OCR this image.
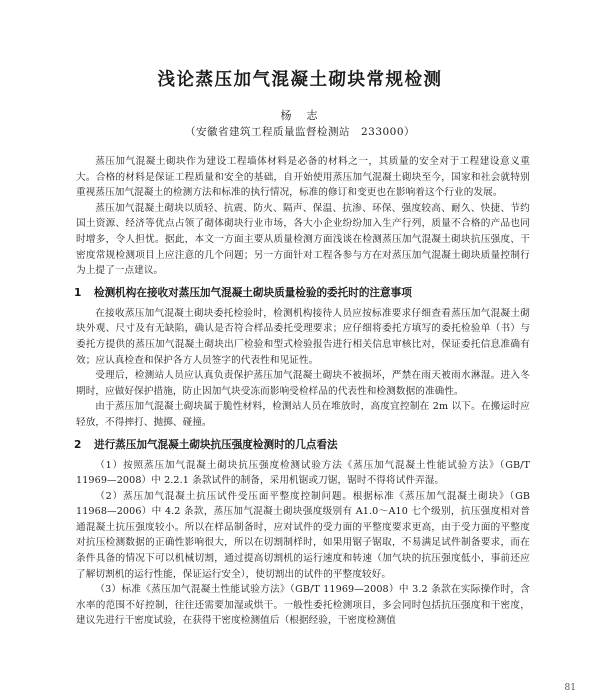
浅论蒸压加气混凝土砌块常规检测
杨　志
（安徽省建筑工程质量监督检测站　233000）

蒸压加气混凝土砌块作为建设工程墙体材料是必备的材料之一，其质量的安全对于工程建设意义重大。合格的材料是保证工程质量和安全的基础，自开始使用蒸压加气混凝土砌块至今，国家和社会就特别重视蒸压加气混凝土的检测方法和标准的执行情况，标准的修订和变更也在影响着这个行业的发展。

蒸压加气混凝土砌块以质轻、抗震、防火、隔声、保温、抗渗、环保、强度较高、耐久、快捷、节约国土资源、经济等优点占领了砌体砌块行业市场，各大小企业纷纷加入生产行列，质量不合格的产品也同时增多，令人担忧。据此，本文一方面主要从质量检测方面浅谈在检测蒸压加气混凝土砌块抗压强度、干密度常规检测项目上应注意的几个问题；另一方面针对工程各参与方在对蒸压加气混凝土砌块质量控制行为上提了一点建议。

1 检测机构在接收对蒸压加气混凝土砌块质量检验的委托时的注意事项

在接收蒸压加气混凝土砌块委托检验时，检测机构接待人员应按标准要求仔细查看蒸压加气混凝土砌块外观、尺寸及有无缺陷，确认是否符合样品委托受理要求；应仔细将委托方填写的委托检验单（书）与委托方提供的蒸压加气混凝土砌块出厂检验和型式检验报告进行相关信息审核比对，保证委托信息准确有效；应认真检查和保护各方人员签字的代表性和见证性。

受理后，检测站人员应认真负责保护蒸压加气混凝土砌块不被损坏，严禁在雨天被雨水淋湿。进入冬期时，应做好保护措施，防止因加气块受冻而影响受检样品的代表性和检测数据的准确性。

由于蒸压加气混凝土砌块属于脆性材料，检测站人员在堆放时，高度宜控制在 2m 以下。在搬运时应轻放，不得摔打、抛掷、碰撞。

2 进行蒸压加气混凝土砌块抗压强度检测时的几点看法

（1）按照蒸压加气混凝土砌块抗压强度检测试验方法《蒸压加气混凝土性能试验方法》（GB/T 11969—2008）中 2.2.1 条款试件的制备，采用机锯或刀锯，锯时不得将试件弄湿。

（2）蒸压加气混凝土抗压试件受压面平整度控制问题。根据标准《蒸压加气混凝土砌块》（GB 11968—2006）中 4.2 条款，蒸压加气混凝土砌块强度级别有 A1.0～A10 七个级别，抗压强度相对普通混凝土抗压强度较小。所以在样品制备时，应对试件的受力面的平整度要求更高，由于受力面的平整度对抗压检测数据的正确性影响很大，所以在切割制样时，如果用锯子锯取，不易满足试件制备要求，而在条件具备的情况下可以机械切割，通过提高切割机的运行速度和转速（加气块的抗压强度低小，事前还应了解切割机的运行性能，保证运行安全），使切割出的试件的平整度较好。

（3）标准《蒸压加气混凝土性能试验方法》（GB/T 11969—2008）中 3.2 条款在实际操作时，含水率的范围不好控制，往往还需要加湿或烘干。一般性委托检测项目，多会同时包括抗压强度和干密度，建议先进行干密度试验，在获得干密度检测值后（根据经验，干密度检测值

81
